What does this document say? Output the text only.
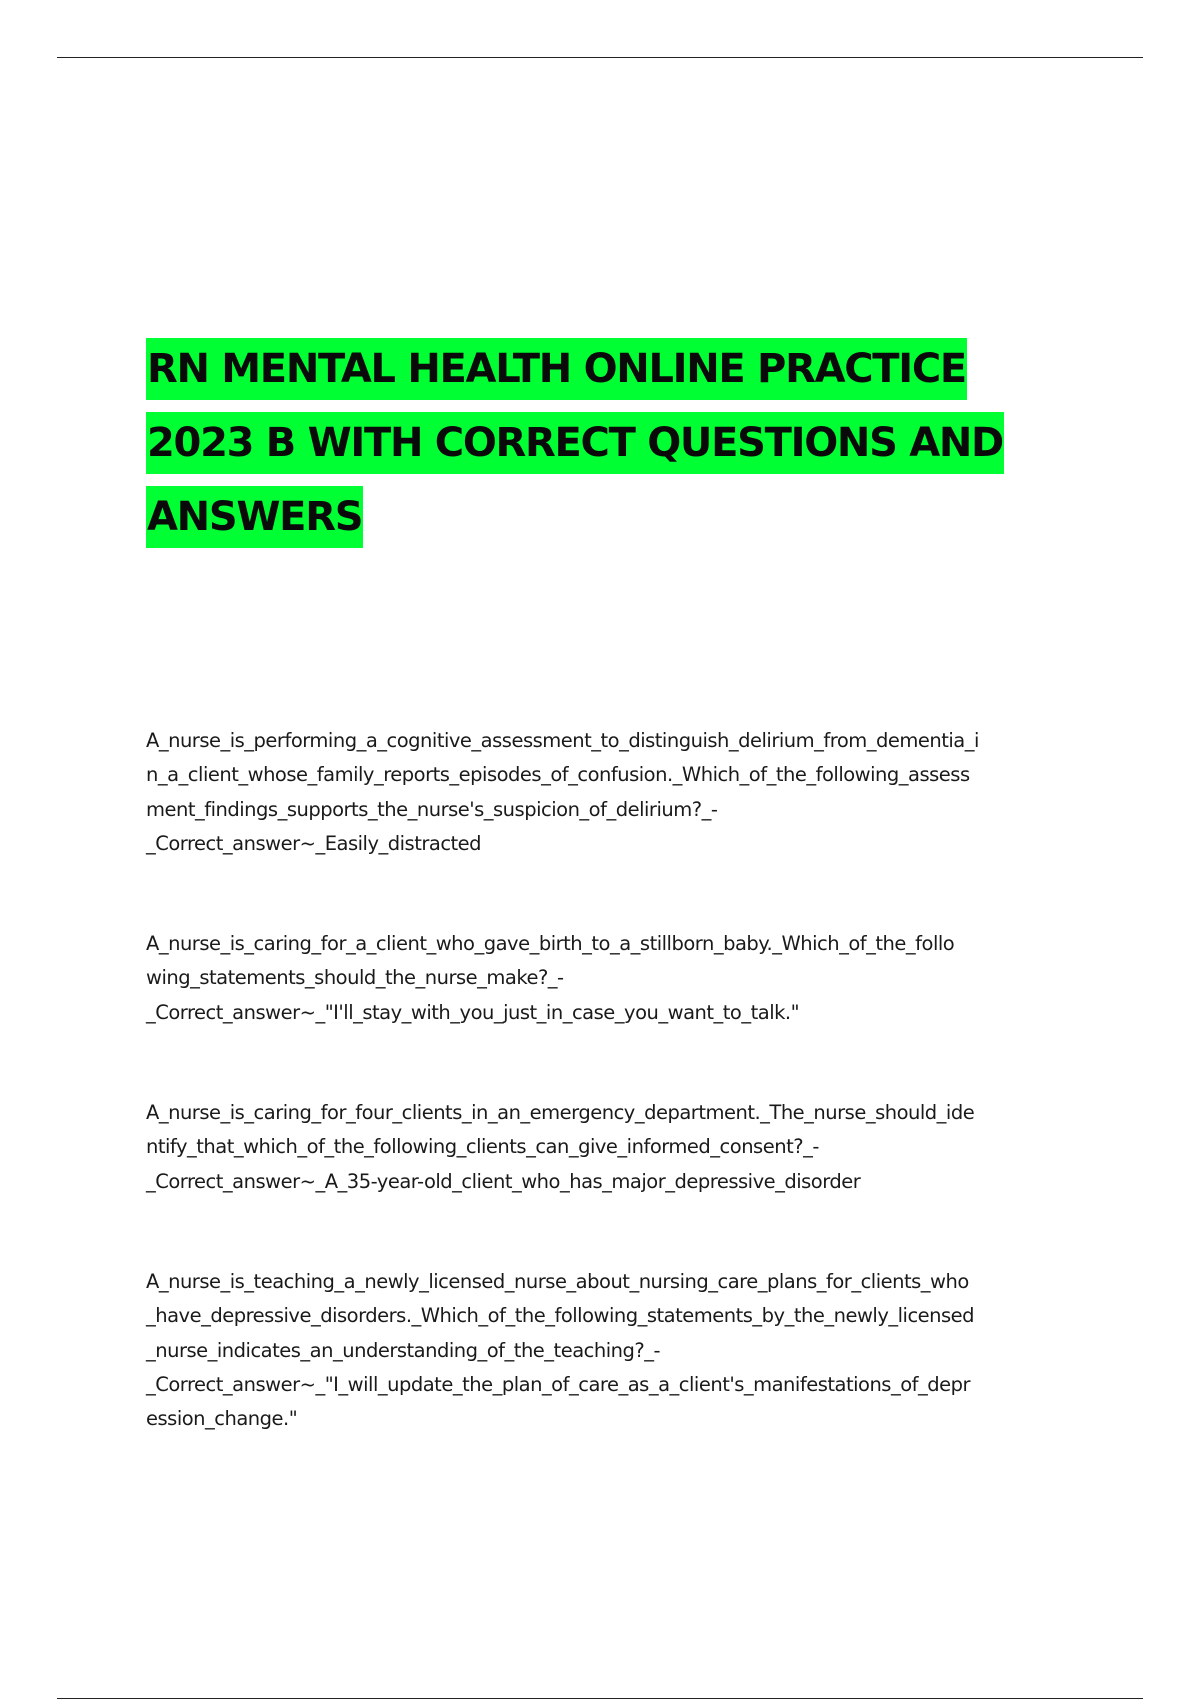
RN MENTAL HEALTH ONLINE PRACTICE
2023 B WITH CORRECT QUESTIONS AND
ANSWERS
A_nurse_is_performing_a_cognitive_assessment_to_distinguish_delirium_from_dementia_i
n_a_client_whose_family_reports_episodes_of_confusion._Which_of_the_following_assess
ment_findings_supports_the_nurse's_suspicion_of_delirium?_-
_Correct_answer~_Easily_distracted
A_nurse_is_caring_for_a_client_who_gave_birth_to_a_stillborn_baby._Which_of_the_follo
wing_statements_should_the_nurse_make?_-
_Correct_answer~_"I'll_stay_with_you_just_in_case_you_want_to_talk."
A_nurse_is_caring_for_four_clients_in_an_emergency_department._The_nurse_should_ide
ntify_that_which_of_the_following_clients_can_give_informed_consent?_-
_Correct_answer~_A_35-year-old_client_who_has_major_depressive_disorder
A_nurse_is_teaching_a_newly_licensed_nurse_about_nursing_care_plans_for_clients_who
_have_depressive_disorders._Which_of_the_following_statements_by_the_newly_licensed
_nurse_indicates_an_understanding_of_the_teaching?_-
_Correct_answer~_"I_will_update_the_plan_of_care_as_a_client's_manifestations_of_depr
ession_change."
